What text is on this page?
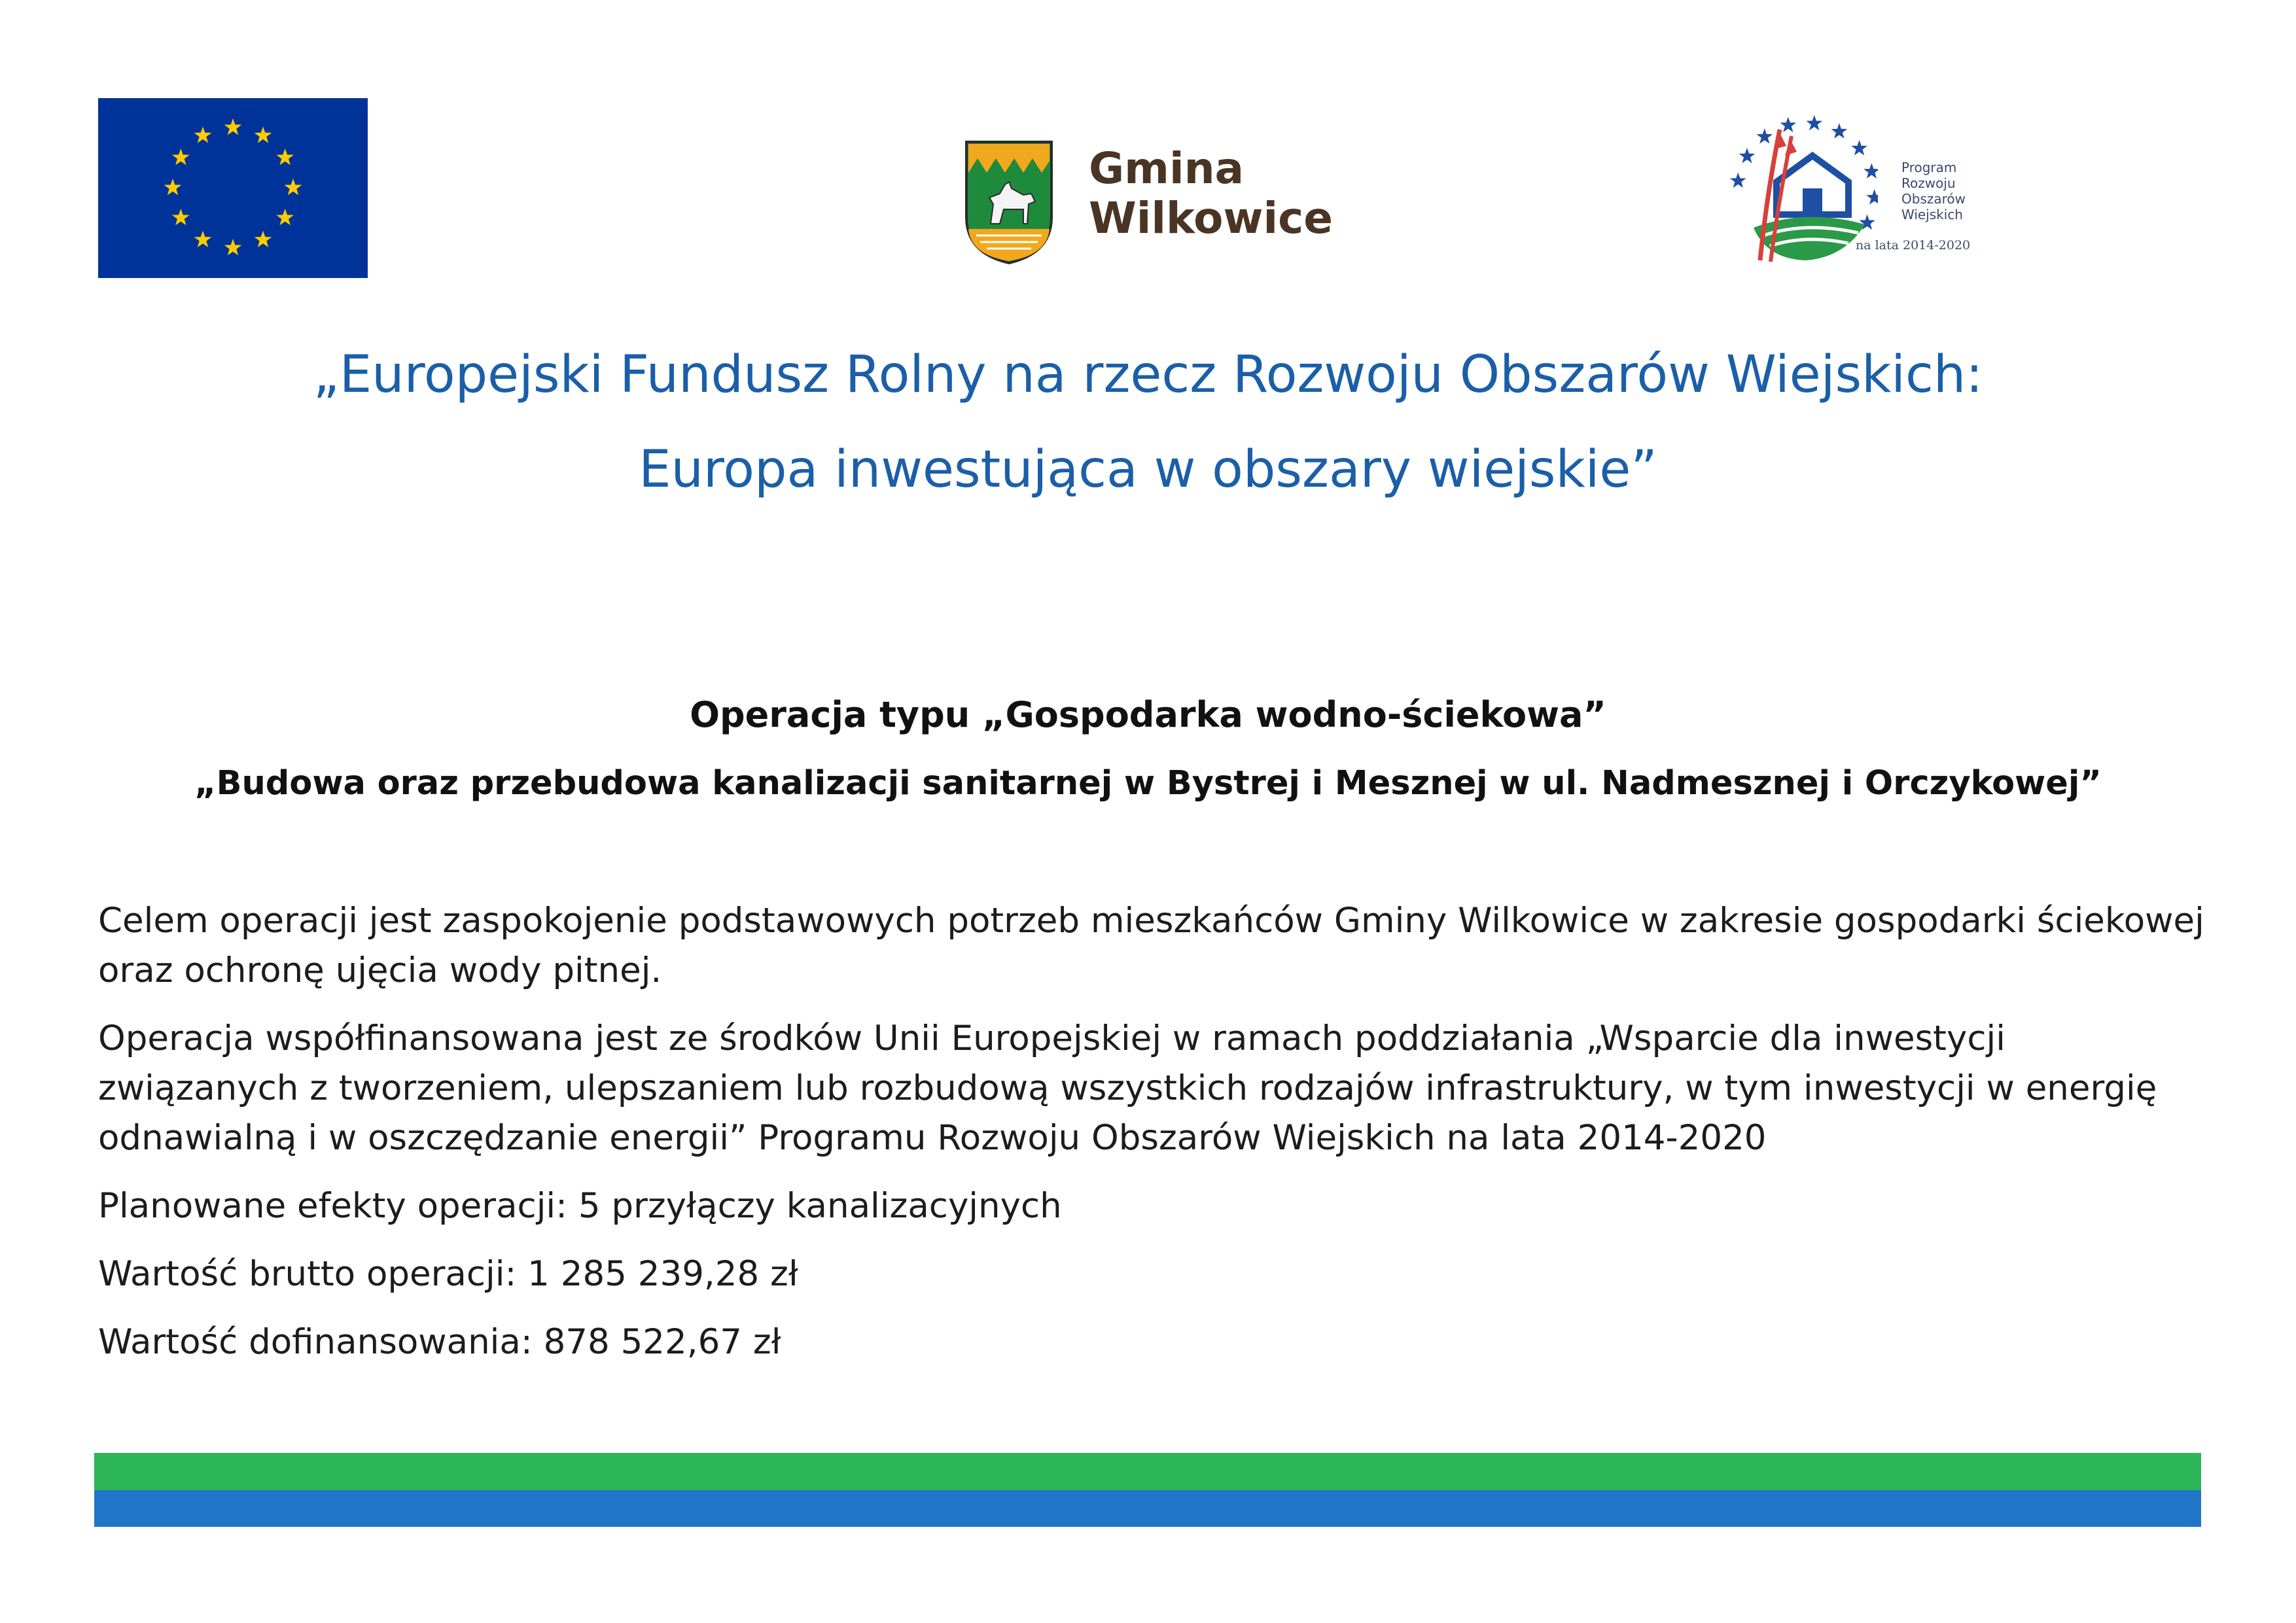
Gmina
Wilkowice
Program
Rozwoju
Obszarów
Wiejskich
na lata 2014-2020
„Europejski Fundusz Rolny na rzecz Rozwoju Obszarów Wiejskich:
Europa inwestująca w obszary wiejskie”
Operacja typu „Gospodarka wodno-ściekowa”
„Budowa oraz przebudowa kanalizacji sanitarnej w Bystrej i Mesznej w ul. Nadmesznej i Orczykowej”

Celem operacji jest zaspokojenie podstawowych potrzeb mieszkańców Gminy Wilkowice w zakresie gospodarki ściekowej oraz ochronę ujęcia wody pitnej.

Operacja współfinansowana jest ze środków Unii Europejskiej w ramach poddziałania „Wsparcie dla inwestycji związanych z tworzeniem, ulepszaniem lub rozbudową wszystkich rodzajów infrastruktury, w tym inwestycji w energię odnawialną i w oszczędzanie energii” Programu Rozwoju Obszarów Wiejskich na lata 2014-2020

Planowane efekty operacji: 5 przyłączy kanalizacyjnych

Wartość brutto operacji: 1 285 239,28 zł

Wartość dofinansowania: 878 522,67 zł
